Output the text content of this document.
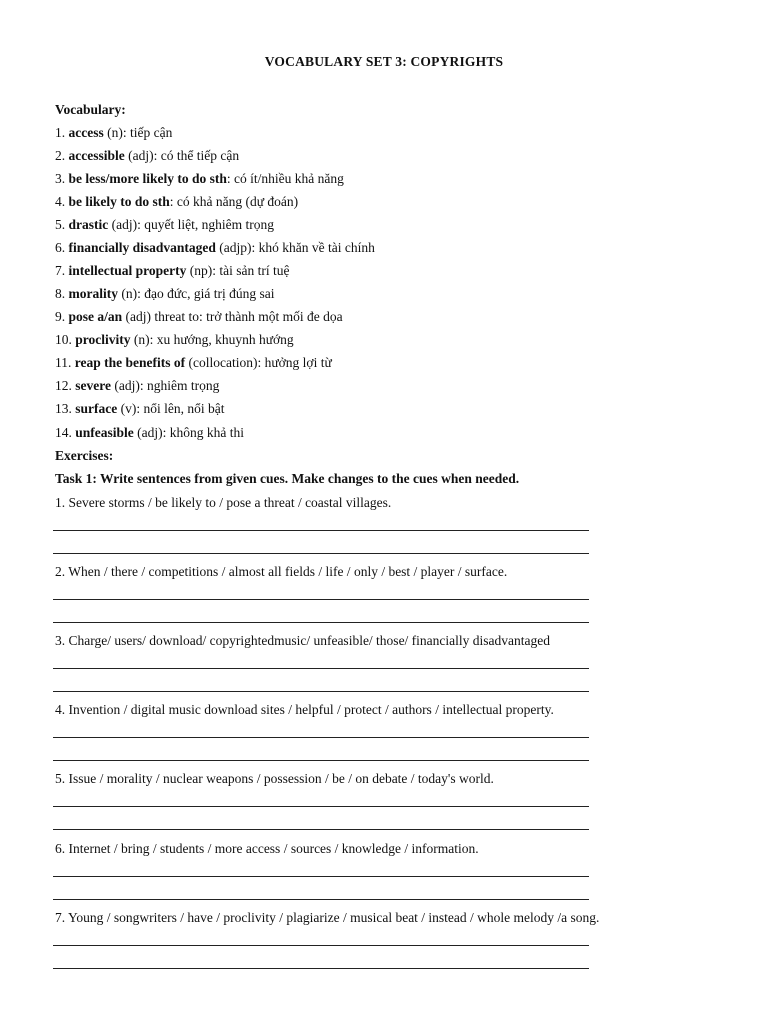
VOCABULARY SET 3: COPYRIGHTS
Vocabulary:
1. access (n): tiếp cận
2. accessible (adj): có thể tiếp cận
3. be less/more likely to do sth: có ít/nhiều khả năng
4. be likely to do sth: có khả năng (dự đoán)
5. drastic (adj): quyết liệt, nghiêm trọng
6. financially disadvantaged (adjp): khó khăn về tài chính
7. intellectual property (np): tài sản trí tuệ
8. morality (n): đạo đức, giá trị đúng sai
9. pose a/an (adj) threat to: trở thành một mối đe dọa
10. proclivity (n): xu hướng, khuynh hướng
11. reap the benefits of (collocation): hưởng lợi từ
12. severe (adj): nghiêm trọng
13. surface (v): nổi lên, nổi bật
14. unfeasible (adj): không khả thi
Exercises:
Task 1: Write sentences from given cues. Make changes to the cues when needed.
1. Severe storms / be likely to / pose a threat / coastal villages.
2. When / there / competitions / almost all fields / life / only / best / player / surface.
3. Charge/ users/ download/ copyrightedmusic/ unfeasible/ those/ financially disadvantaged
4. Invention / digital music download sites / helpful / protect / authors / intellectual property.
5. Issue / morality / nuclear weapons / possession / be / on debate / today's world.
6. Internet / bring / students / more access / sources / knowledge / information.
7. Young / songwriters / have / proclivity / plagiarize / musical beat / instead / whole melody /a song.
